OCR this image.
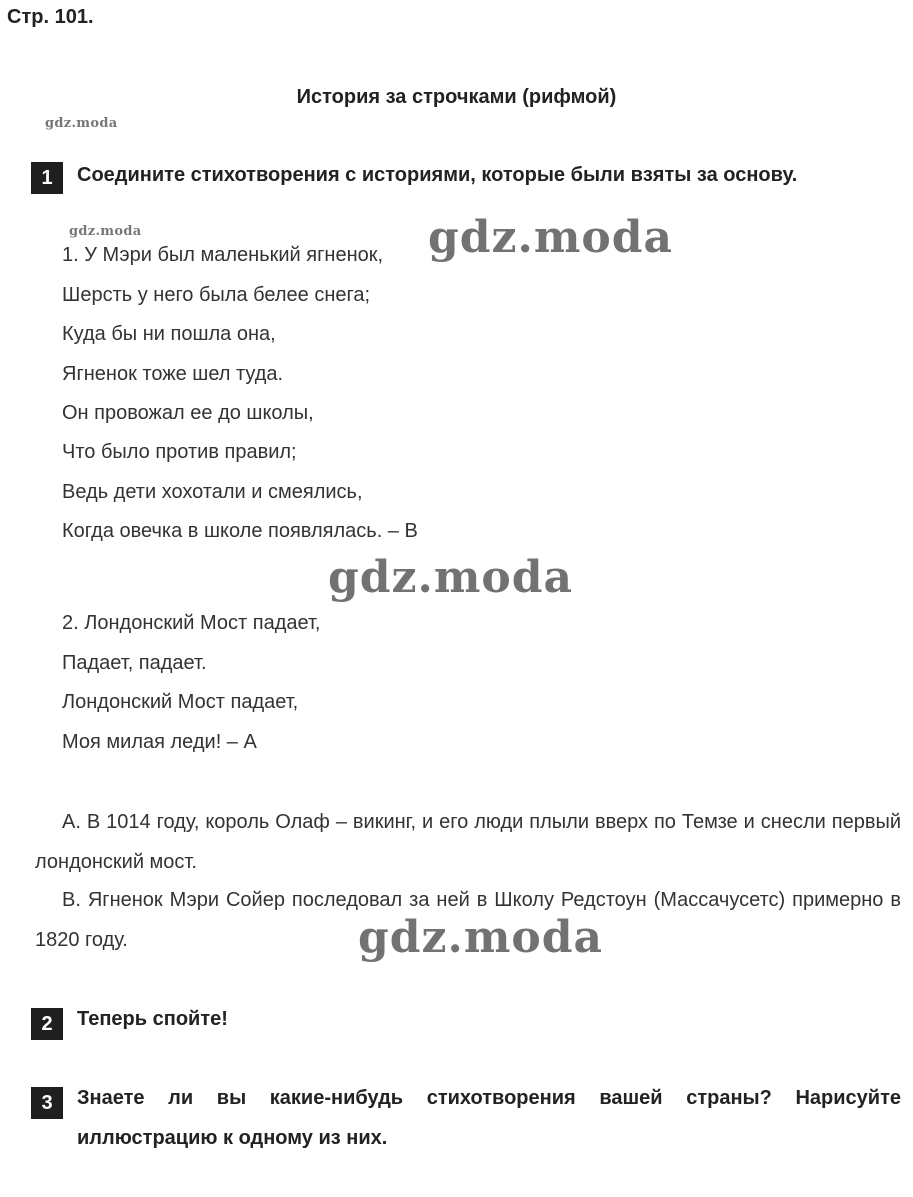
Стр. 101.
История за строчками (рифмой)
gdz.moda
1	Соедините стихотворения с историями, которые были взяты за основу.
gdz.moda
1. У Мэри был маленький ягненок,
Шерсть у него была белее снега;
Куда бы ни пошла она,
Ягненок тоже шел туда.
Он провожал ее до школы,
Что было против правил;
Ведь дети хохотали и смеялись,
Когда овечка в школе появлялась. – B
gdz.moda
gdz.moda
2. Лондонский Мост падает,
Падает, падает.
Лондонский Мост падает,
Моя милая леди! – A
A. В 1014 году, король Олаф – викинг, и его люди плыли вверх по Темзе и снесли первый лондонский мост.
B. Ягненок Мэри Сойер последовал за ней в Школу Редстоун (Массачусетс) примерно в 1820 году.	gdz.moda
2	Теперь спойте!
3	Знаете ли вы какие-нибудь стихотворения вашей страны? Нарисуйте иллюстрацию к одному из них.
